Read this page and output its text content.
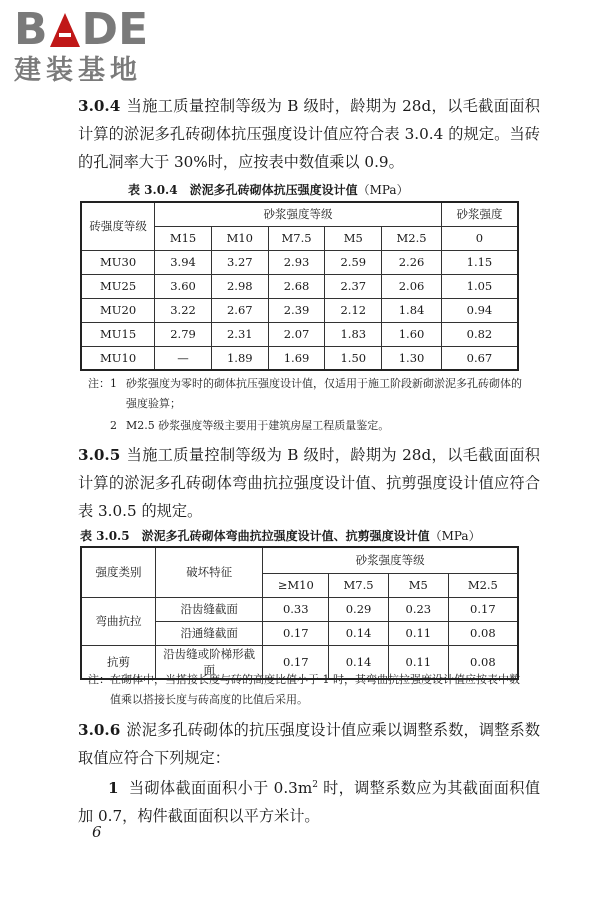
B DE
建装基地
3.0.4 当施工质量控制等级为 B 级时，龄期为 28d，以毛截面面积计算的淤泥多孔砖砌体抗压强度设计值应符合表 3.0.4 的规定。当砖的孔洞率大于 30%时，应按表中数值乘以 0.9。
表 3.0.4　淤泥多孔砖砌体抗压强度设计值（MPa）
砖强度等级	砂浆强度等级					砂浆强度
	M15	M10	M7.5	M5	M2.5	0
MU30	3.94	3.27	2.93	2.59	2.26	1.15
MU25	3.60	2.98	2.68	2.37	2.06	1.05
MU20	3.22	2.67	2.39	2.12	1.84	0.94
MU15	2.79	2.31	2.07	1.83	1.60	0.82
MU10	—	1.89	1.69	1.50	1.30	0.67
注： 1 砂浆强度为零时的砌体抗压强度设计值，仅适用于施工阶段新砌淤泥多孔砖砌体的强度验算；
2 M2.5 砂浆强度等级主要用于建筑房屋工程质量鉴定。
3.0.5 当施工质量控制等级为 B 级时，龄期为 28d，以毛截面面积计算的淤泥多孔砖砌体弯曲抗拉强度设计值、抗剪强度设计值应符合表 3.0.5 的规定。
表 3.0.5　淤泥多孔砖砌体弯曲抗拉强度设计值、抗剪强度设计值（MPa）
强度类别	破坏特征	砂浆强度等级			
		≥M10	M7.5	M5	M2.5
弯曲抗拉	沿齿缝截面	0.33	0.29	0.23	0.17
	沿通缝截面	0.17	0.14	0.11	0.08
抗剪	沿齿缝或阶梯形截面	0.17	0.14	0.11	0.08
注： 在砌体中，当搭接长度与砖的高度比值小于 1 时，其弯曲抗拉强度设计值应按表中数值乘以搭接长度与砖高度的比值后采用。
3.0.6 淤泥多孔砖砌体的抗压强度设计值应乘以调整系数，调整系数取值应符合下列规定：
1 当砌体截面面积小于 $0.3m^2$ 时，调整系数应为其截面面积值加 0.7，构件截面面积以平方米计。
6
